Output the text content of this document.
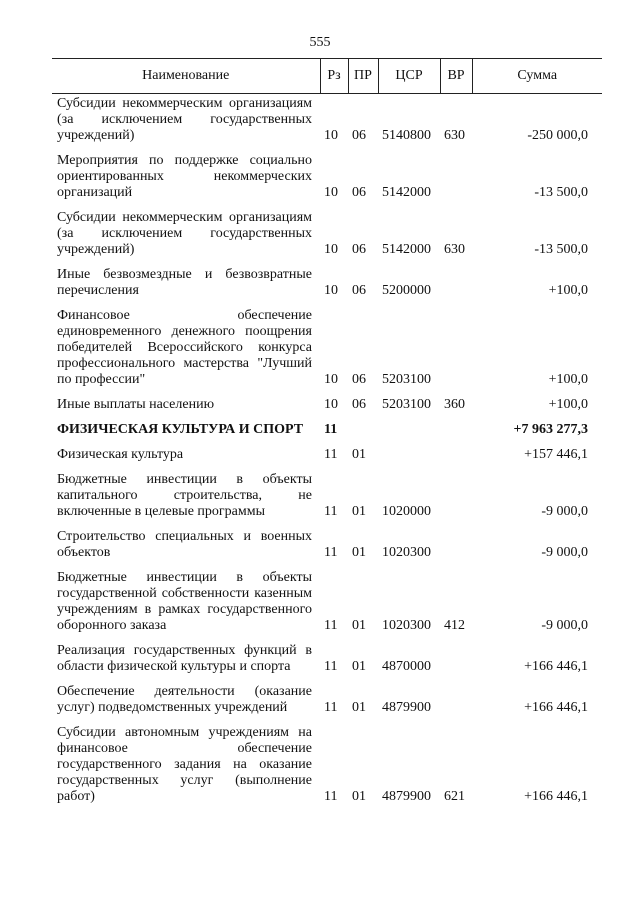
555
Наименование	Рз	ПР	ЦСР	ВР	Сумма
Субсидии некоммерческим организациям (за исключением государственных учреждений)	10	06	5140800	630	-250 000,0
Мероприятия по поддержке социально ориентированных некоммерческих организаций	10	06	5142000		-13 500,0
Субсидии некоммерческим организациям (за исключением государственных учреждений)	10	06	5142000	630	-13 500,0
Иные безвозмездные и безвозвратные перечисления	10	06	5200000		+100,0
Финансовое обеспечение единовременного денежного поощрения победителей Всероссийского конкурса профессионального мастерства "Лучший по профессии"	10	06	5203100		+100,0
Иные выплаты населению	10	06	5203100	360	+100,0
ФИЗИЧЕСКАЯ КУЛЬТУРА И СПОРТ	11				+7 963 277,3
Физическая культура	11	01			+157 446,1
Бюджетные инвестиции в объекты капитального строительства, не включенные в целевые программы	11	01	1020000		-9 000,0
Строительство специальных и военных объектов	11	01	1020300		-9 000,0
Бюджетные инвестиции в объекты государственной собственности казенным учреждениям в рамках государственного оборонного заказа	11	01	1020300	412	-9 000,0
Реализация государственных функций в области физической культуры и спорта	11	01	4870000		+166 446,1
Обеспечение деятельности (оказание услуг) подведомственных учреждений	11	01	4879900		+166 446,1
Субсидии автономным учреждениям на финансовое обеспечение государственного задания на оказание государственных услуг (выполнение работ)	11	01	4879900	621	+166 446,1
